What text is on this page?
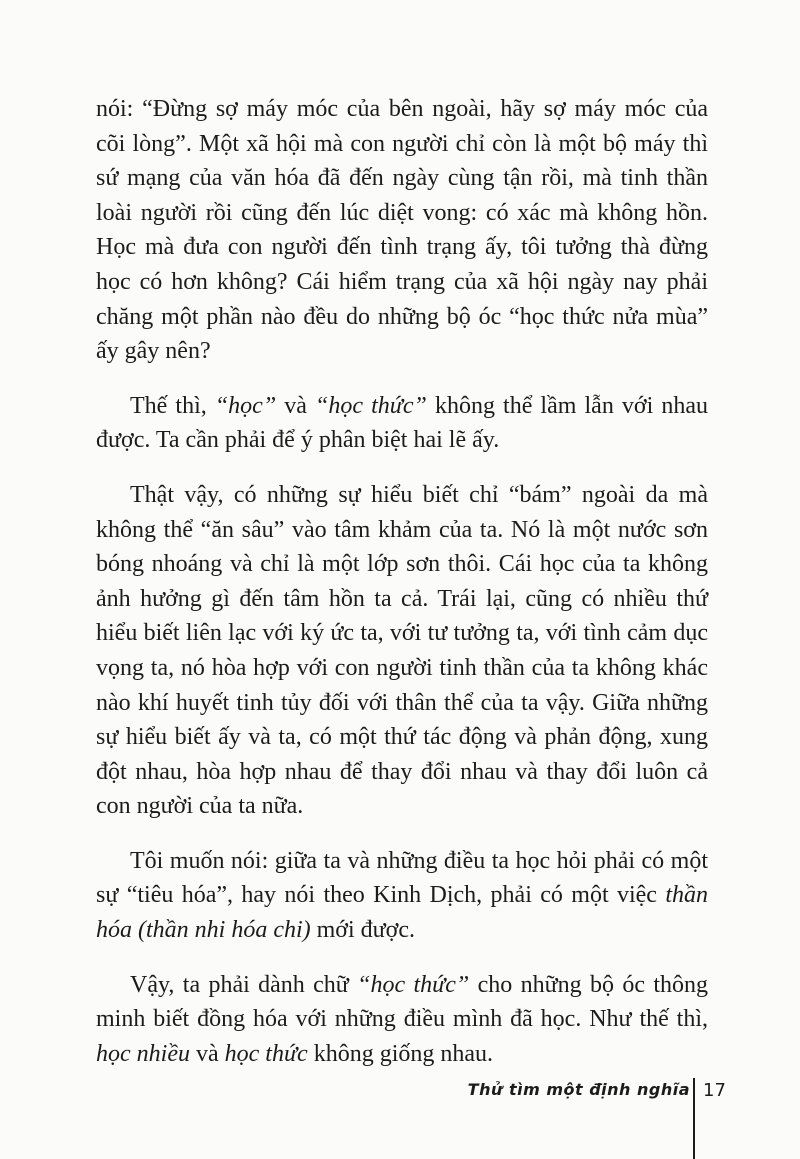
nói: “Đừng sợ máy móc của bên ngoài, hãy sợ máy móc của cõi lòng”. Một xã hội mà con người chỉ còn là một bộ máy thì sứ mạng của văn hóa đã đến ngày cùng tận rồi, mà tinh thần loài người rồi cũng đến lúc diệt vong: có xác mà không hồn. Học mà đưa con người đến tình trạng ấy, tôi tưởng thà đừng học có hơn không? Cái hiểm trạng của xã hội ngày nay phải chăng một phần nào đều do những bộ óc “học thức nửa mùa” ấy gây nên?

Thế thì, “học” và “học thức” không thể lầm lẫn với nhau được. Ta cần phải để ý phân biệt hai lẽ ấy.

Thật vậy, có những sự hiểu biết chỉ “bám” ngoài da mà không thể “ăn sâu” vào tâm khảm của ta. Nó là một nước sơn bóng nhoáng và chỉ là một lớp sơn thôi. Cái học của ta không ảnh hưởng gì đến tâm hồn ta cả. Trái lại, cũng có nhiều thứ hiểu biết liên lạc với ký ức ta, với tư tưởng ta, với tình cảm dục vọng ta, nó hòa hợp với con người tinh thần của ta không khác nào khí huyết tinh tủy đối với thân thể của ta vậy. Giữa những sự hiểu biết ấy và ta, có một thứ tác động và phản động, xung đột nhau, hòa hợp nhau để thay đổi nhau và thay đổi luôn cả con người của ta nữa.

Tôi muốn nói: giữa ta và những điều ta học hỏi phải có một sự “tiêu hóa”, hay nói theo Kinh Dịch, phải có một việc thần hóa (thần nhi hóa chi) mới được.

Vậy, ta phải dành chữ “học thức” cho những bộ óc thông minh biết đồng hóa với những điều mình đã học. Như thế thì, học nhiều và học thức không giống nhau.

Thử tìm một định nghĩa 17
